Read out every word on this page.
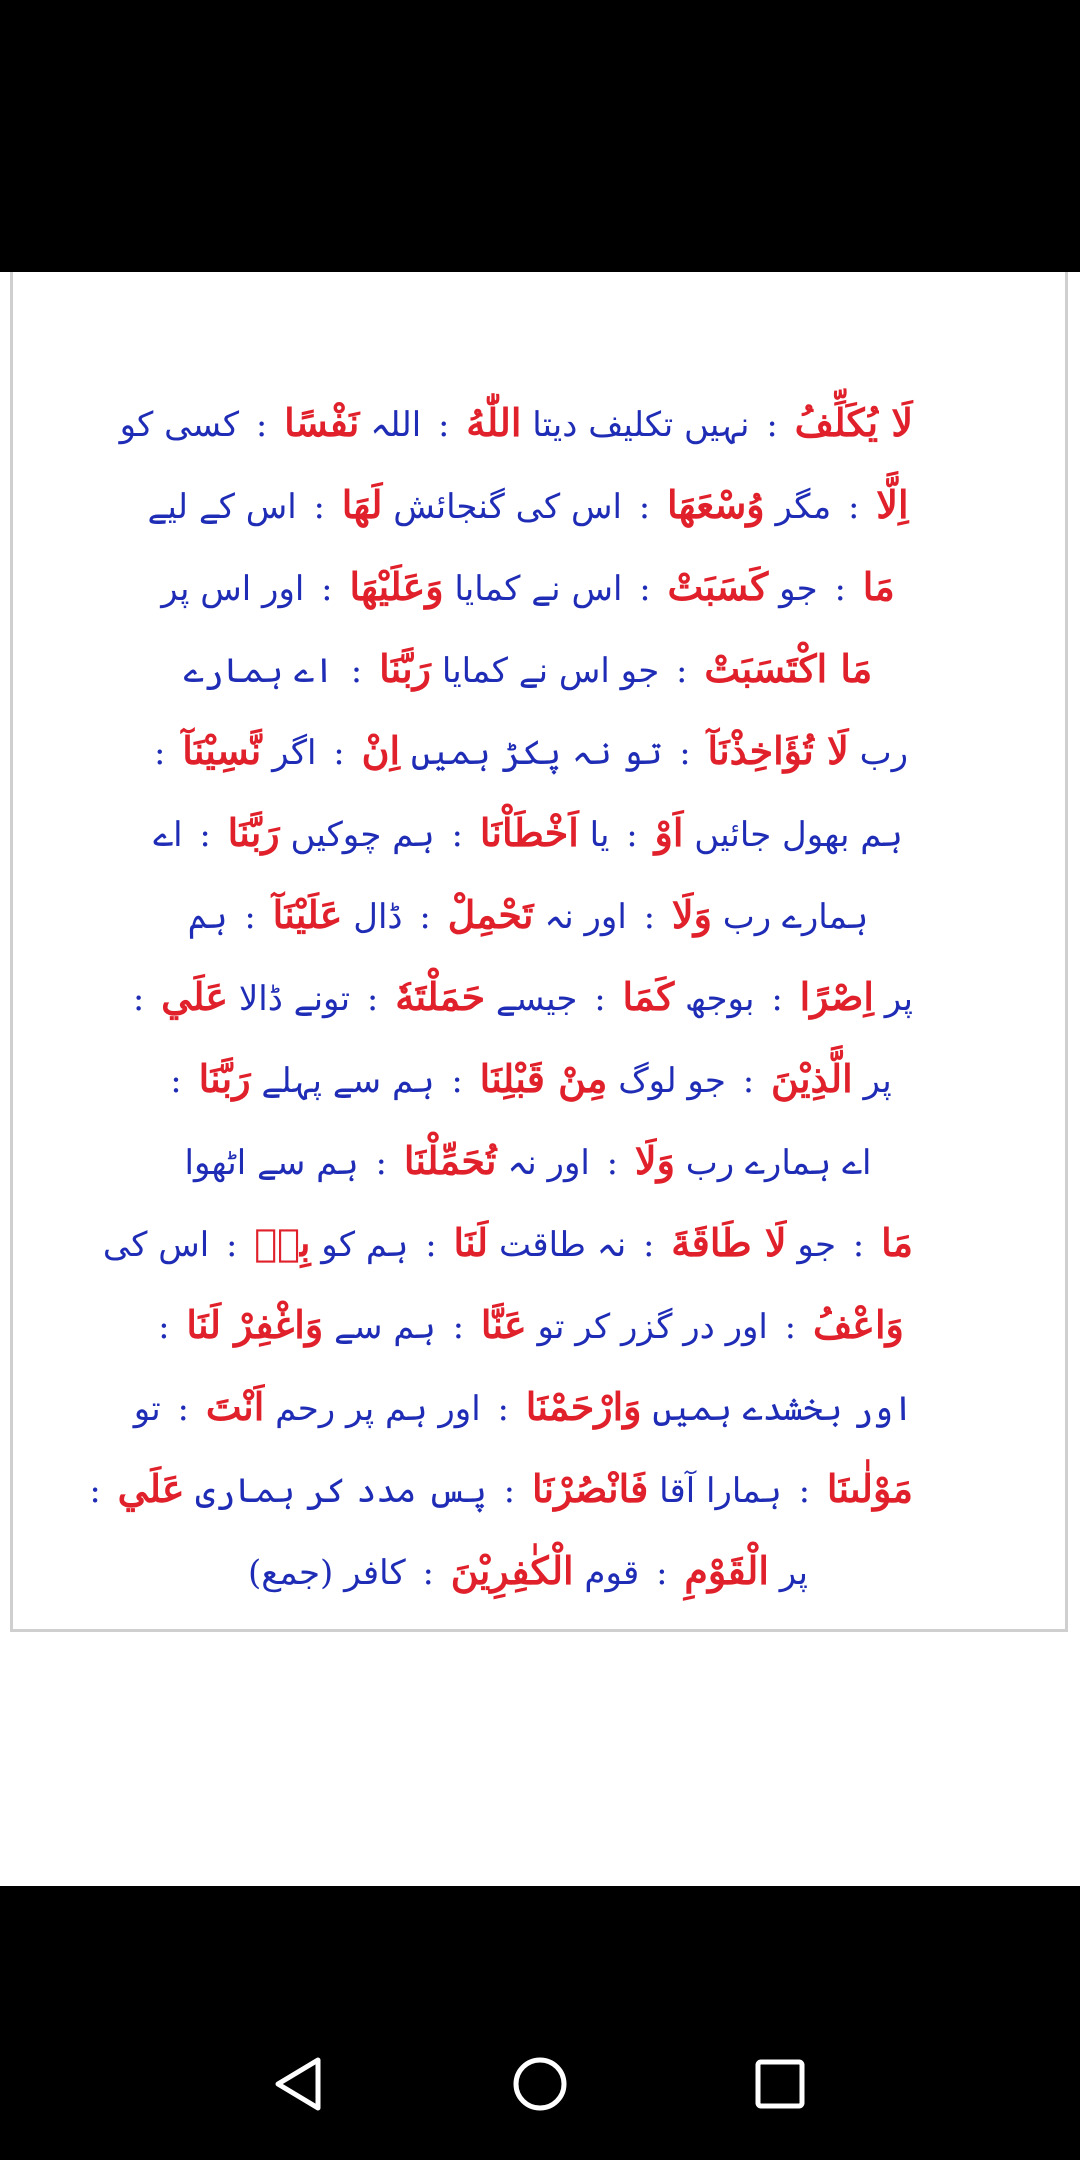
لَا يُكَلِّفُ : نہیں تکلیف دیتا اللّٰهُ : اللہ نَفْسًا : کسی کو
اِلَّا : مگر وُسْعَهَا : اس کی گنجائش لَهَا : اس کے لیے
مَا : جو كَسَبَتْ : اس نے کمایا وَعَلَيْهَا : اور اس پر
مَا اكْتَسَبَتْ : جو اس نے کمایا رَبَّنَا : اے ہمارے
رب لَا تُؤَاخِذْنَآ : تو نہ پکڑ ہمیں اِنْ : اگر نَّسِيْنَآ :
ہم بھول جائیں اَوْ : یا اَخْطَاْنَا : ہم چوکیں رَبَّنَا : اے
ہمارے رب وَلَا : اور نہ تَحْمِلْ : ڈال عَلَيْنَآ : ہم
پر اِصْرًا : بوجھ كَمَا : جیسے حَمَلْتَهٗ : تونے ڈالا عَلَي :
پر الَّذِيْنَ : جو لوگ مِنْ قَبْلِنَا : ہم سے پہلے رَبَّنَا :
اے ہمارے رب وَلَا : اور نہ تُحَمِّلْنَا : ہم سے اٹھوا
مَا : جو لَا طَاقَةَ : نہ طاقت لَنَا : ہم کو بِهٖ : اس کی
وَاعْفُ : اور در گزر کر تو عَنَّا : ہم سے وَاغْفِرْ لَنَا :
اور بخشدے ہمیں وَارْحَمْنَا : اور ہم پر رحم اَنْتَ : تو
مَوْلٰىنَا : ہمارا آقا فَانْصُرْنَا : پس مدد کر ہماری عَلَي :
پر الْقَوْمِ : قوم الْكٰفِرِيْنَ : کافر (جمع)
